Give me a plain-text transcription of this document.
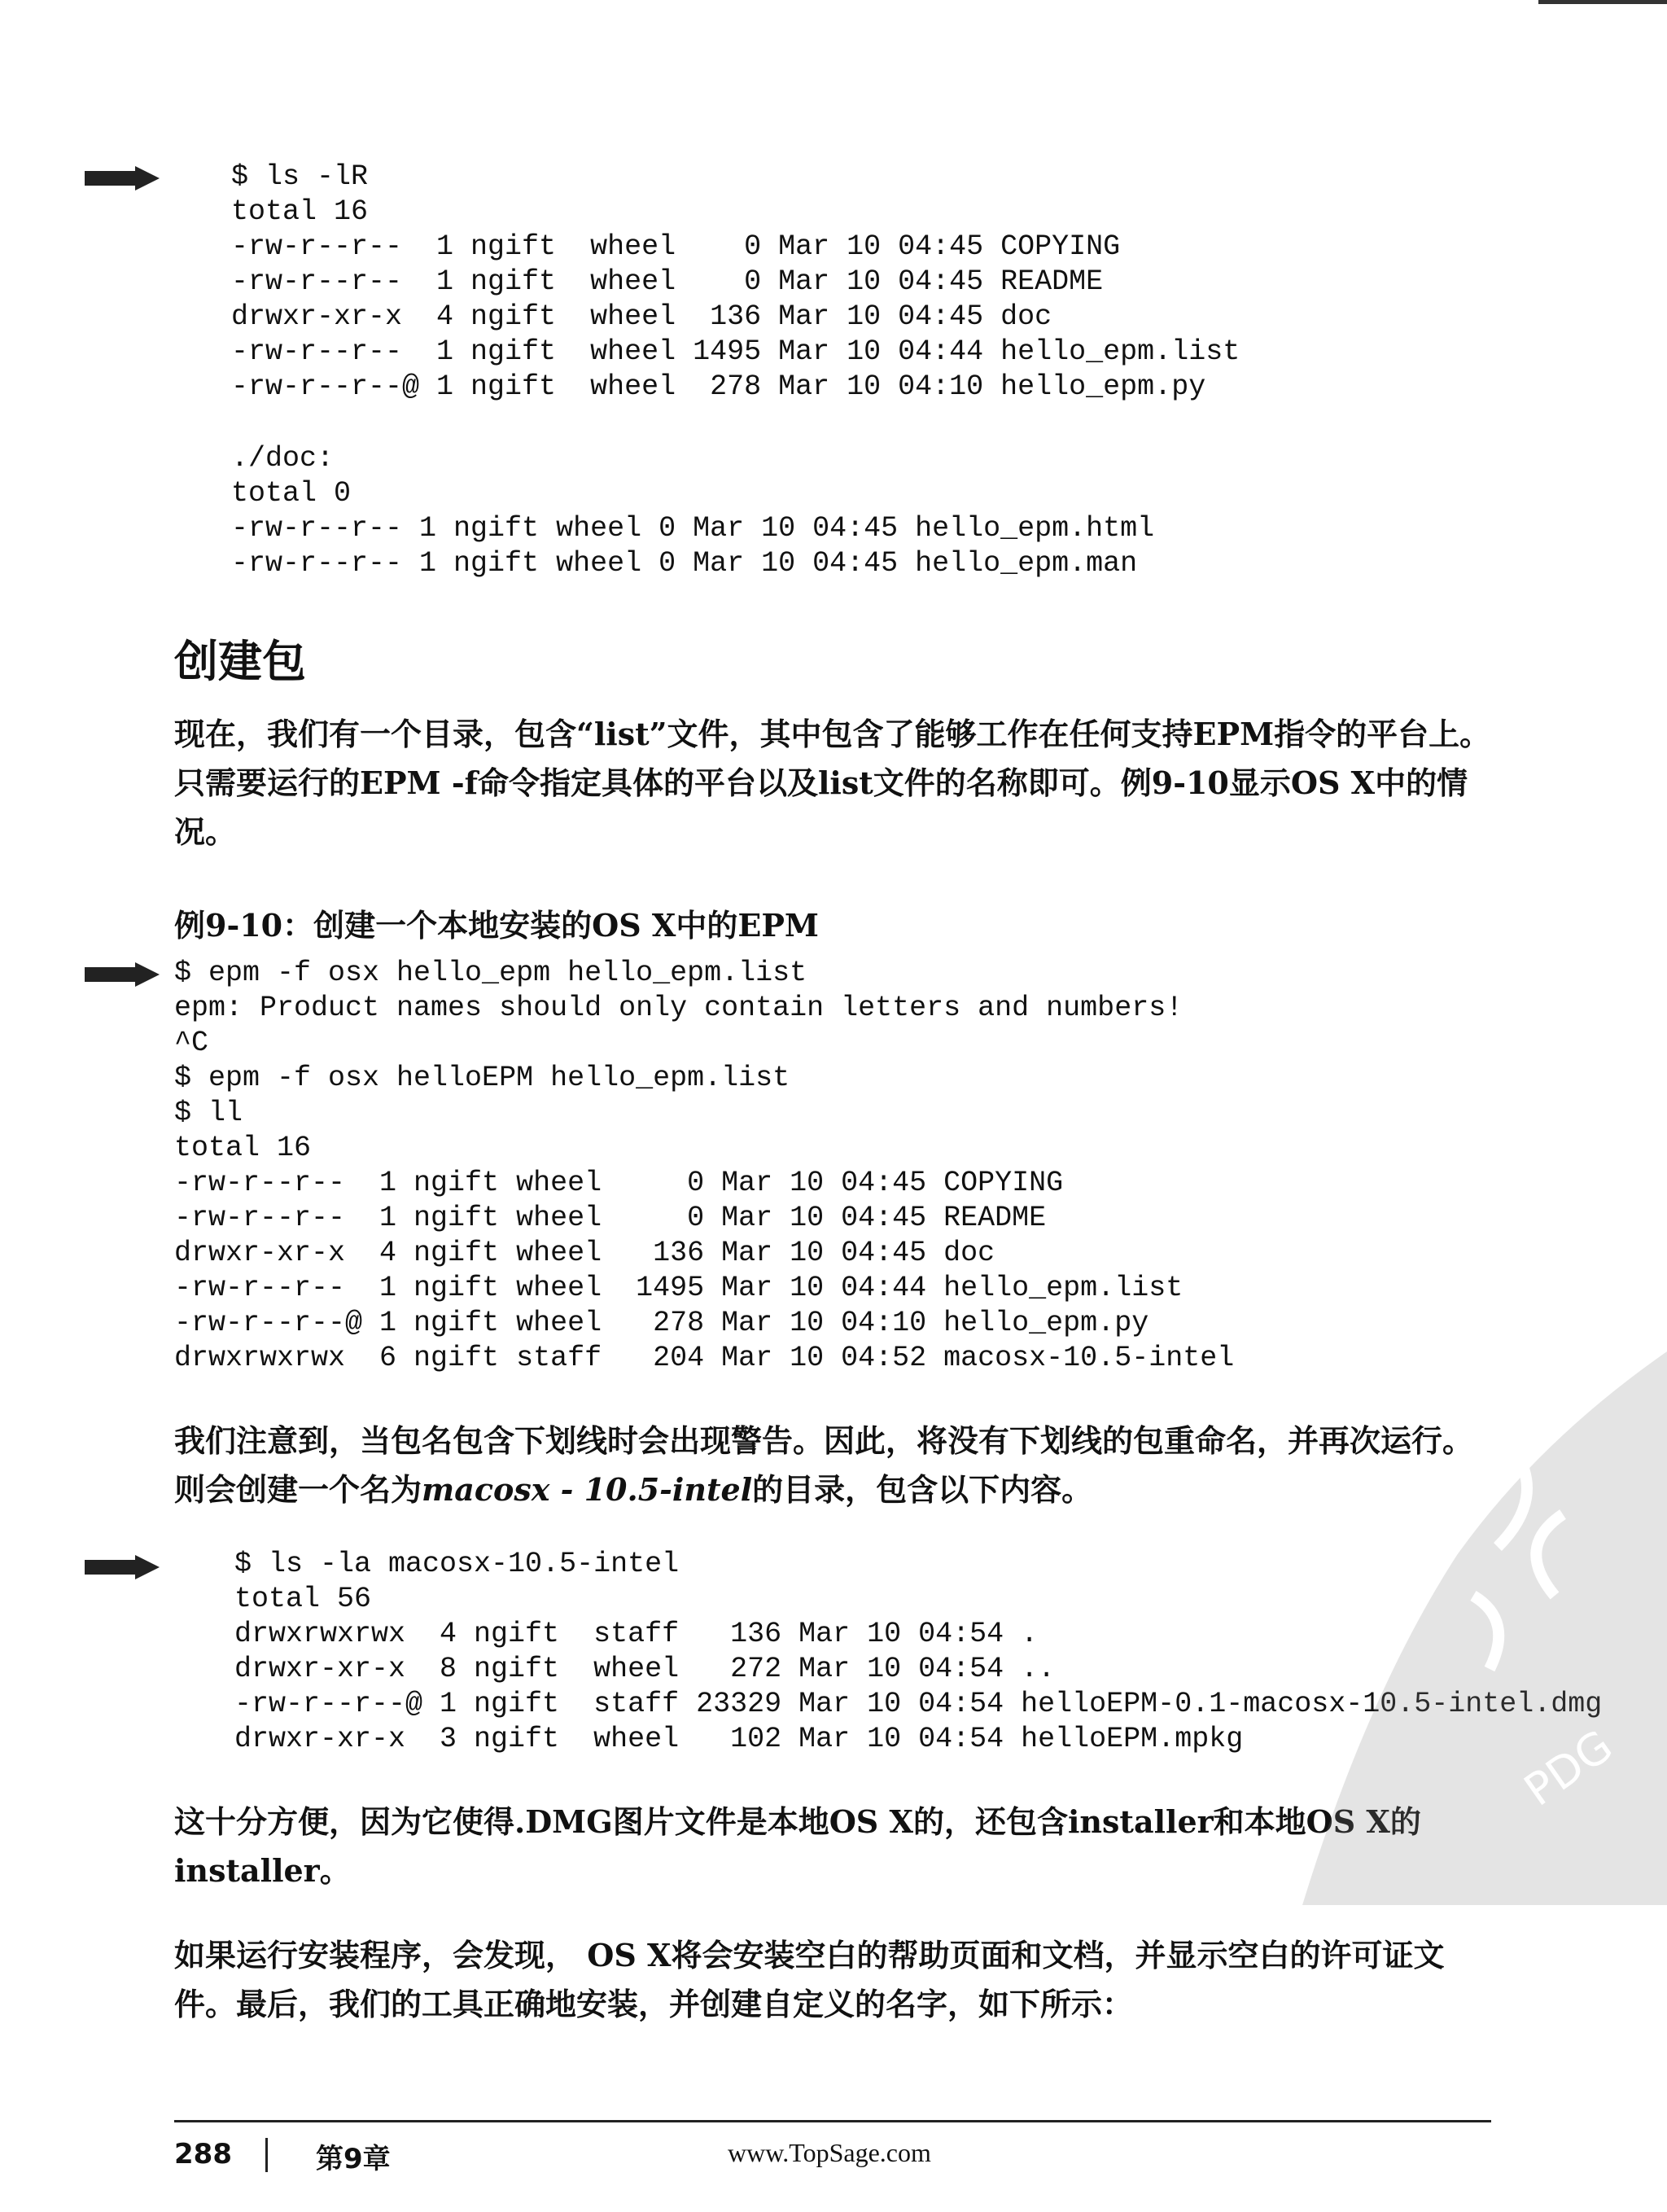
$ ls -lR
total 16
-rw-r--r--  1 ngift  wheel    0 Mar 10 04:45 COPYING
-rw-r--r--  1 ngift  wheel    0 Mar 10 04:45 README
drwxr-xr-x  4 ngift  wheel  136 Mar 10 04:45 doc
-rw-r--r--  1 ngift  wheel 1495 Mar 10 04:44 hello_epm.list
-rw-r--r--@ 1 ngift  wheel  278 Mar 10 04:10 hello_epm.py

./doc:
total 0
-rw-r--r-- 1 ngift wheel 0 Mar 10 04:45 hello_epm.html
-rw-r--r-- 1 ngift wheel 0 Mar 10 04:45 hello_epm.man
创建包

现在，我们有一个目录，包含“list”文件，其中包含了能够工作在任何支持EPM指令的平台上。只需要运行的EPM -f命令指定具体的平台以及list文件的名称即可。例9-10显示OS X中的情况。

例9-10：创建一个本地安装的OS X中的EPM

$ epm -f osx hello_epm hello_epm.list
epm: Product names should only contain letters and numbers!
^C
$ epm -f osx helloEPM hello_epm.list
$ ll
total 16
-rw-r--r--  1 ngift wheel     0 Mar 10 04:45 COPYING
-rw-r--r--  1 ngift wheel     0 Mar 10 04:45 README
drwxr-xr-x  4 ngift wheel   136 Mar 10 04:45 doc
-rw-r--r--  1 ngift wheel  1495 Mar 10 04:44 hello_epm.list
-rw-r--r--@ 1 ngift wheel   278 Mar 10 04:10 hello_epm.py
drwxrwxrwx  6 ngift staff   204 Mar 10 04:52 macosx-10.5-intel

我们注意到，当包名包含下划线时会出现警告。因此，将没有下划线的包重命名，并再次运行。则会创建一个名为macosx - 10.5-intel的目录，包含以下内容。

$ ls -la macosx-10.5-intel
total 56
drwxrwxrwx  4 ngift  staff   136 Mar 10 04:54 .
drwxr-xr-x  8 ngift  wheel   272 Mar 10 04:54 ..
-rw-r--r--@ 1 ngift  staff 23329 Mar 10 04:54 helloEPM-0.1-macosx-10.5-intel.dmg
drwxr-xr-x  3 ngift  wheel   102 Mar 10 04:54 helloEPM.mpkg

这十分方便，因为它使得.DMG图片文件是本地OS X的，还包含installer和本地OS X的installer。

如果运行安装程序，会发现， OS X将会安装空白的帮助页面和文档，并显示空白的许可证文件。最后，我们的工具正确地安装，并创建自定义的名字，如下所示：

PDG
288	第9章	www.TopSage.com
